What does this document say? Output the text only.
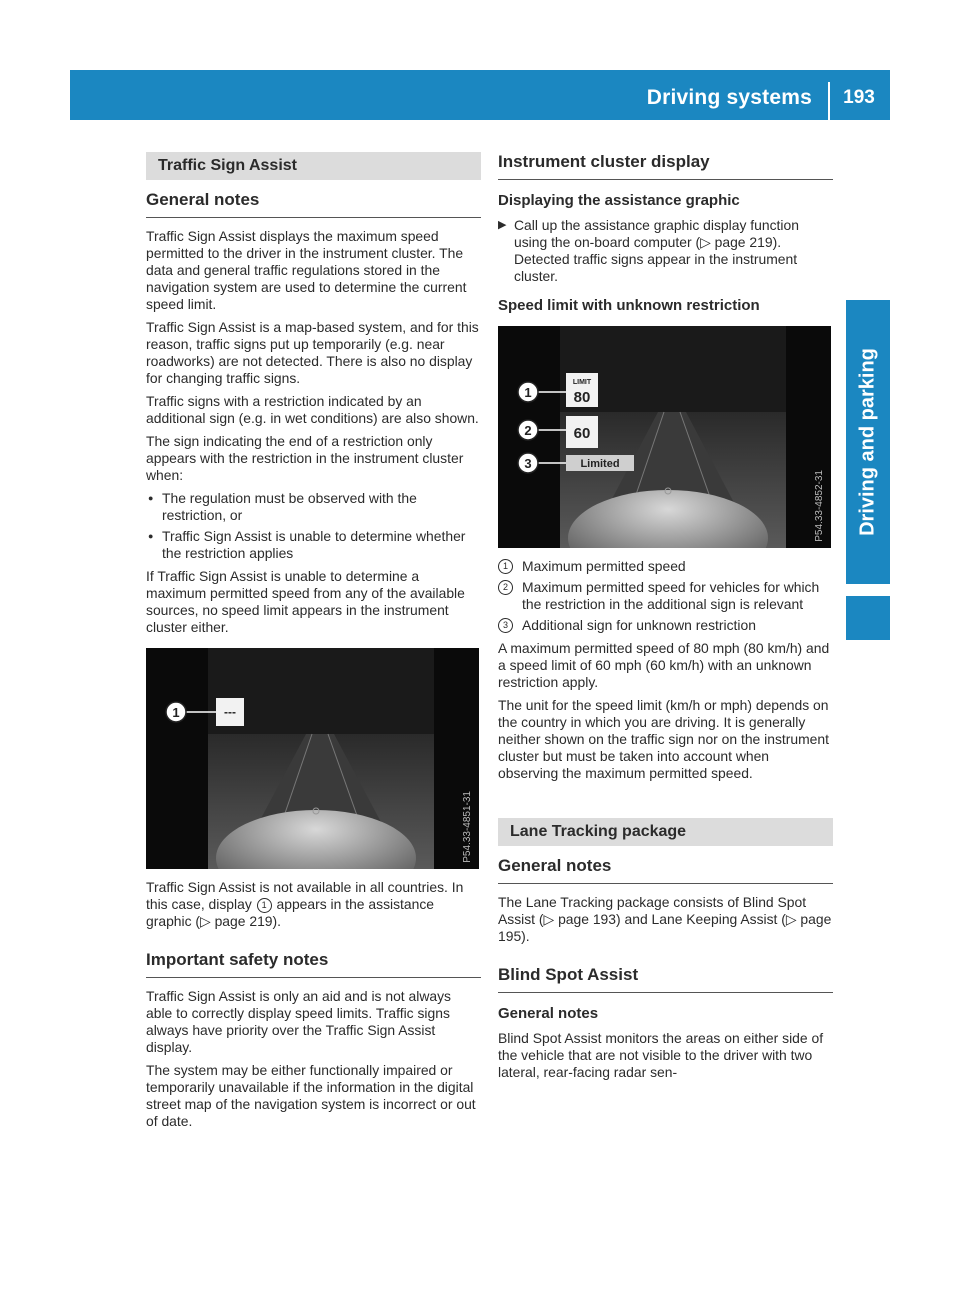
Driving systems	193
Driving and parking
Traffic Sign Assist
General notes

Traffic Sign Assist displays the maximum speed permitted to the driver in the instrument cluster. The data and general traffic regulations stored in the navigation system are used to determine the current speed limit.

Traffic Sign Assist is a map-based system, and for this reason, traffic signs put up temporarily (e.g. near roadworks) are not detected. There is also no display for changing traffic signs.

Traffic signs with a restriction indicated by an additional sign (e.g. in wet conditions) are also shown.

The sign indicating the end of a restriction only appears with the restriction in the instrument cluster when:

● The regulation must be observed with the restriction, or
● Traffic Sign Assist is unable to determine whether the restriction applies

If Traffic Sign Assist is unable to determine a maximum permitted speed from any of the available sources, no speed limit appears in the instrument cluster either.

1	---
P54.33-4851-31

Traffic Sign Assist is not available in all countries. In this case, display 1 appears in the assistance graphic (▷ page 219).

Important safety notes

Traffic Sign Assist is only an aid and is not always able to correctly display speed limits. Traffic signs always have priority over the Traffic Sign Assist display.

The system may be either functionally impaired or temporarily unavailable if the information in the digital street map of the navigation system is incorrect or out of date.

Instrument cluster display
Displaying the assistance graphic
▶ Call up the assistance graphic display function using the on-board computer (▷ page 219).
Detected traffic signs appear in the instrument cluster.
Speed limit with unknown restriction
1
LIMIT
80
2	60
3	Limited
P54.33-4852-31
1	Maximum permitted speed
2	Maximum permitted speed for vehicles for which the restriction in the additional sign is relevant
3	Additional sign for unknown restriction

A maximum permitted speed of 80 mph (80 km/h) and a speed limit of 60 mph (60 km/h) with an unknown restriction apply.

The unit for the speed limit (km/h or mph) depends on the country in which you are driving. It is generally neither shown on the traffic sign nor on the instrument cluster but must be taken into account when observing the maximum permitted speed.

Lane Tracking package
General notes

The Lane Tracking package consists of Blind Spot Assist (▷ page 193) and Lane Keeping Assist (▷ page 195).

Blind Spot Assist
General notes

Blind Spot Assist monitors the areas on either side of the vehicle that are not visible to the driver with two lateral, rear-facing radar sen-
